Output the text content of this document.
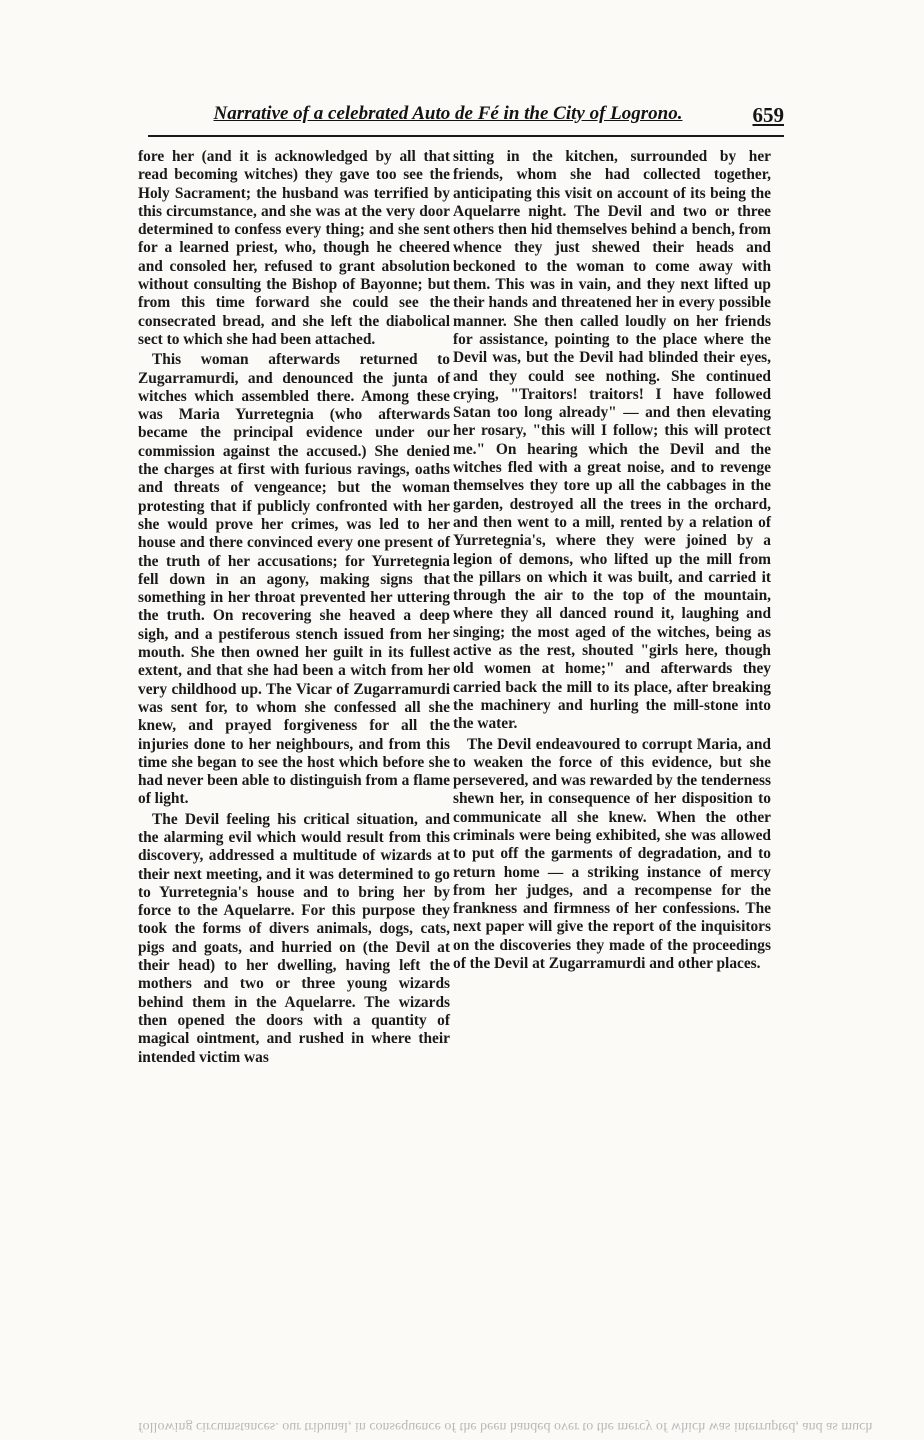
Narrative of a celebrated Auto de Fé in the City of Logrono.	659

fore her (and it is acknowledged by all that read becoming witches) they gave too see the Holy Sacrament; the husband was terrified by this circumstance, and she was at the very door determined to confess every thing; and she sent for a learned priest, who, though he cheered and consoled her, refused to grant absolution without consulting the Bishop of Bayonne; but from this time forward she could see the consecrated bread, and she left the diabolical sect to which she had been attached.

This woman afterwards returned to Zugarramurdi, and denounced the junta of witches which assembled there. Among these was Maria Yurretegnia (who afterwards became the principal evidence under our commission against the accused.) She denied the charges at first with furious ravings, oaths and threats of vengeance; but the woman protesting that if publicly confronted with her she would prove her crimes, was led to her house and there convinced every one present of the truth of her accusations; for Yurretegnia fell down in an agony, making signs that something in her throat prevented her uttering the truth. On recovering she heaved a deep sigh, and a pestiferous stench issued from her mouth. She then owned her guilt in its fullest extent, and that she had been a witch from her very childhood up. The Vicar of Zugarramurdi was sent for, to whom she confessed all she knew, and prayed forgiveness for all the injuries done to her neighbours, and from this time she began to see the host which before she had never been able to distinguish from a flame of light.

The Devil feeling his critical situation, and the alarming evil which would result from this discovery, addressed a multitude of wizards at their next meeting, and it was determined to go to Yurretegnia's house and to bring her by force to the Aquelarre. For this purpose they took the forms of divers animals, dogs, cats, pigs and goats, and hurried on (the Devil at their head) to her dwelling, having left the mothers and two or three young wizards behind them in the Aquelarre. The wizards then opened the doors with a quantity of magical ointment, and rushed in where their intended victim was

sitting in the kitchen, surrounded by her friends, whom she had collected together, anticipating this visit on account of its being the Aquelarre night. The Devil and two or three others then hid themselves behind a bench, from whence they just shewed their heads and beckoned to the woman to come away with them. This was in vain, and they next lifted up their hands and threatened her in every possible manner. She then called loudly on her friends for assistance, pointing to the place where the Devil was, but the Devil had blinded their eyes, and they could see nothing. She continued crying, "Traitors! traitors! I have followed Satan too long already" — and then elevating her rosary, "this will I follow; this will protect me." On hearing which the Devil and the witches fled with a great noise, and to revenge themselves they tore up all the cabbages in the garden, destroyed all the trees in the orchard, and then went to a mill, rented by a relation of Yurretegnia's, where they were joined by a legion of demons, who lifted up the mill from the pillars on which it was built, and carried it through the air to the top of the mountain, where they all danced round it, laughing and singing; the most aged of the witches, being as active as the rest, shouted "girls here, though old women at home;" and afterwards they carried back the mill to its place, after breaking the machinery and hurling the mill-stone into the water.

The Devil endeavoured to corrupt Maria, and to weaken the force of this evidence, but she persevered, and was rewarded by the tenderness shewn her, in consequence of her disposition to communicate all she knew. When the other criminals were being exhibited, she was allowed to put off the garments of degradation, and to return home — a striking instance of mercy from her judges, and a recompense for the frankness and firmness of her confessions. The next paper will give the report of the inquisitors on the discoveries they made of the proceedings of the Devil at Zugarramurdi and other places.

following circumstances. our tribunal, in consequence of the been handed over to the mercy of which was interrupted, and as much
